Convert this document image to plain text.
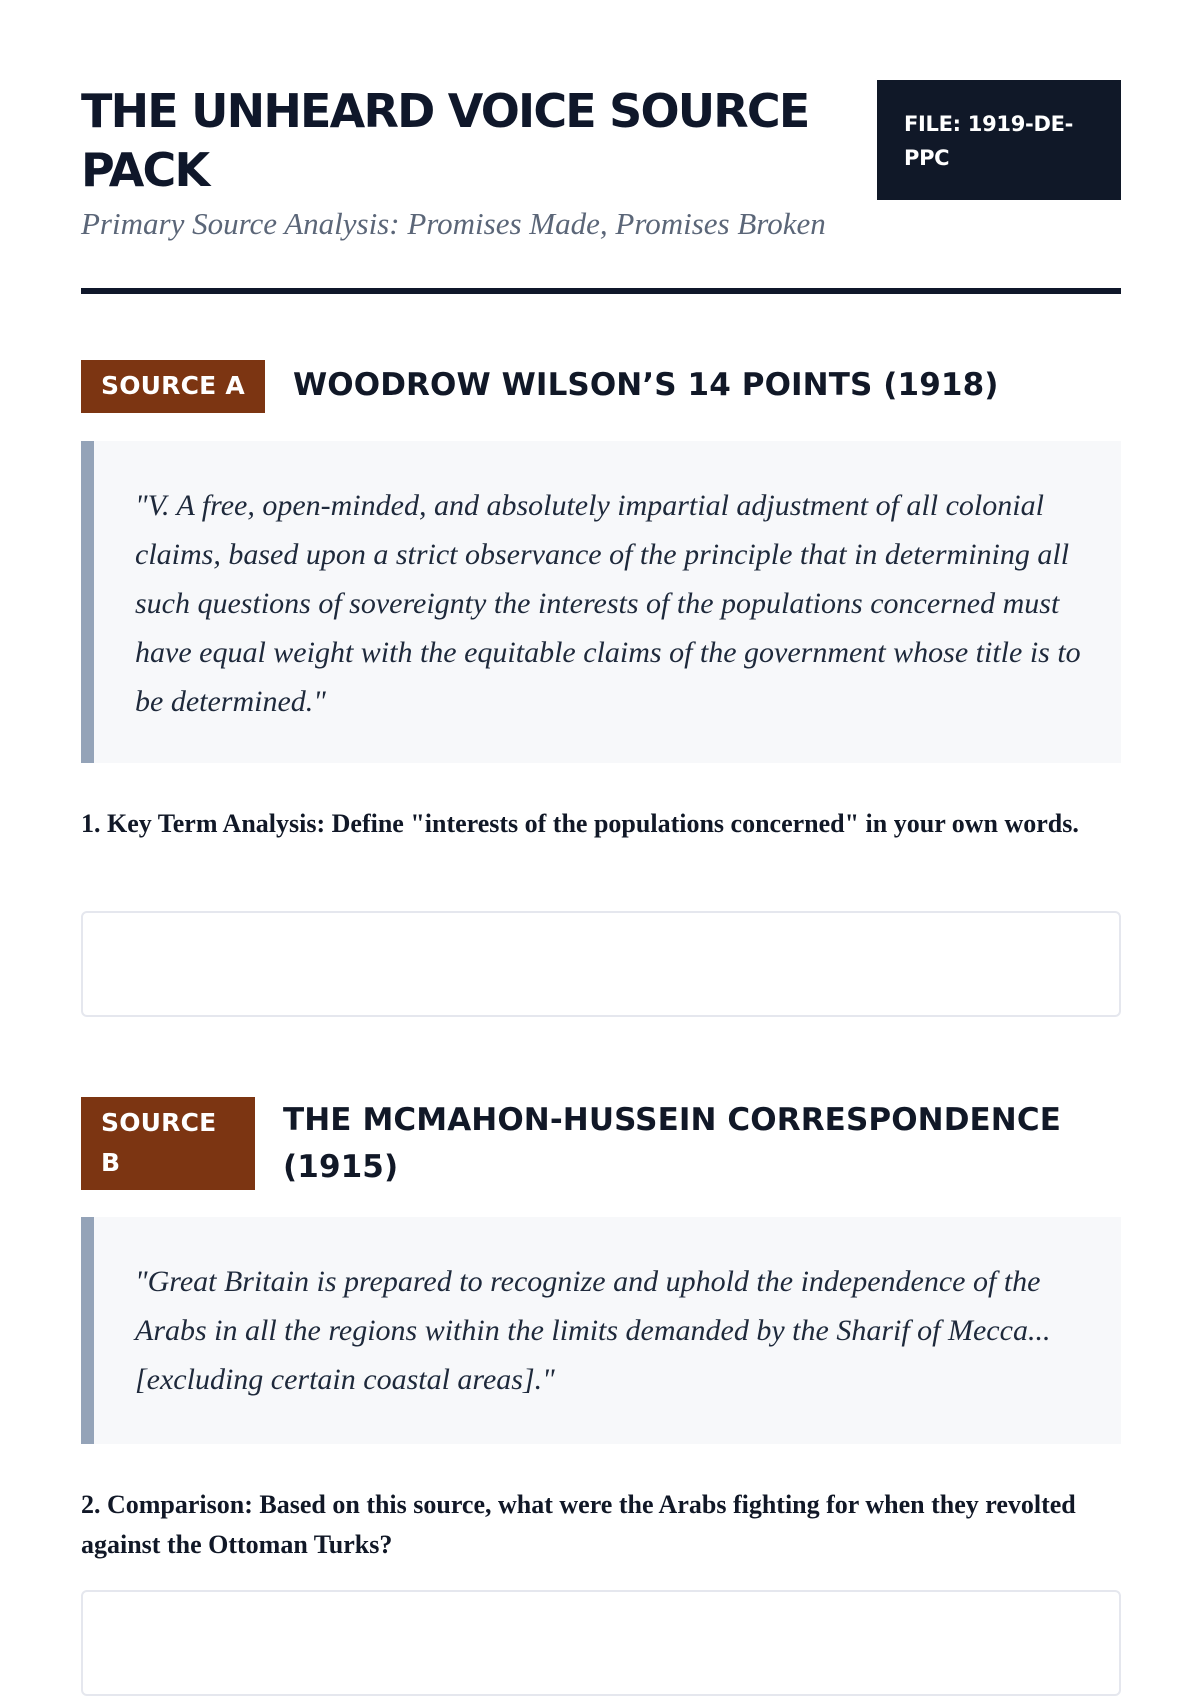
THE UNHEARD VOICE SOURCE PACK

Primary Source Analysis: Promises Made, Promises Broken

FILE: 1919-DE-PPC
SOURCE A	WOODROW WILSON’S 14 POINTS (1918)
"V. A free, open-minded, and absolutely impartial adjustment of all colonial claims, based upon a strict observance of the principle that in determining all such questions of sovereignty the interests of the populations concerned must have equal weight with the equitable claims of the government whose title is to be determined."

1. Key Term Analysis: Define "interests of the populations concerned" in your own words.

SOURCE B
THE MCMAHON-HUSSEIN CORRESPONDENCE (1915)
"Great Britain is prepared to recognize and uphold the independence of the Arabs in all the regions within the limits demanded by the Sharif of Mecca... [excluding certain coastal areas]."

2. Comparison: Based on this source, what were the Arabs fighting for when they revolted against the Ottoman Turks?
